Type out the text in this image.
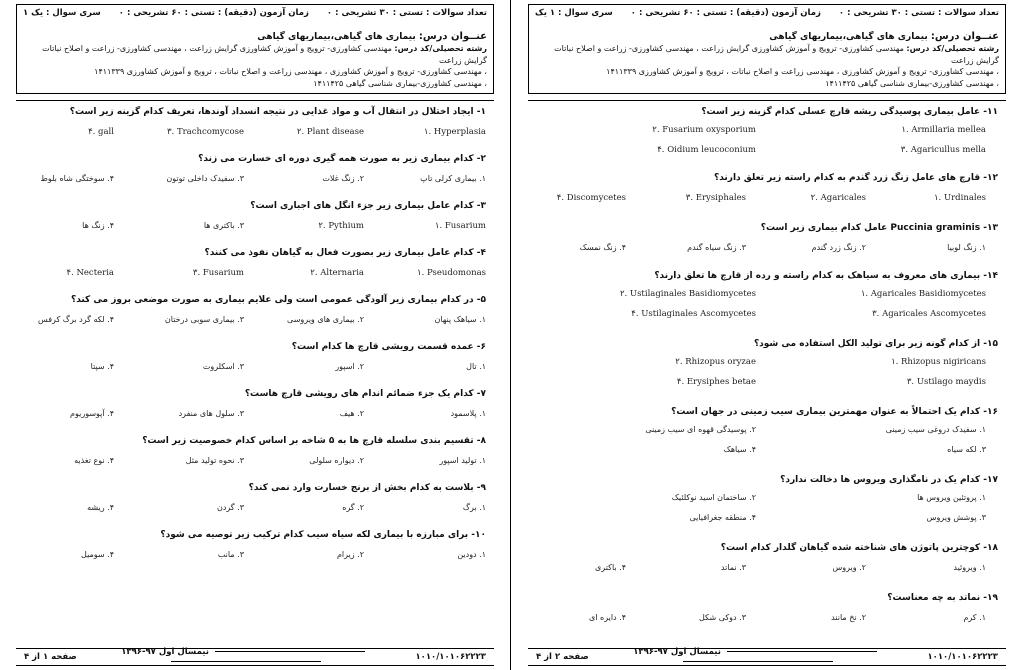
تعداد سوالات : تستی : ۳۰ تشریحی : ۰
زمان آزمون (دقیقه) : تستی : ۶۰ تشریحی : ۰
سری سوال : یک ۱
عنــوان درس: بیماری های گیاهی،بیماریهای گیاهی
رشته تحصیلی/کد درس: مهندسی کشاورزی- ترویج و آموزش کشاورزی گرایش زراعت ، مهندسی کشاورزی- زراعت و اصلاح نباتات گرایش زراعت
، مهندسی کشاورزی- ترویج و آموزش کشاورزی ، مهندسی زراعت و اصلاح نباتات ، ترویج و آموزش کشاورزی ۱۴۱۱۳۳۹
، مهندسی کشاورزی-بیماری شناسی گیاهی ۱۴۱۱۴۲۵
۱- ایجاد اختلال در انتقال آب و مواد غذایی در نتیجه انسداد آوندها، تعریف کدام گزینه زیر است؟
۱. Hyperplasia
۲. Plant disease
۳. Trachcomycose
۴. gall
۲- کدام بیماری زیر به صورت همه گیری دوره ای خسارت می زند؟
۱. بیماری کرلی تاپ
۲. زنگ غلات
۳. سفیدک داخلی توتون
۴. سوختگی شاه بلوط
۳- کدام عامل بیماری زیر جزء انگل های اجباری است؟
۱. Fusarium
۲. Pythium
۳. باکتری ها
۴. زنگ ها
۴- کدام عامل بیماری زیر بصورت فعال به گیاهان نفوذ می کنند؟
۱. Pseudomonas
۲. Alternaria
۳. Fusarium
۴. Necteria
۵- در کدام بیماری زیر آلودگی عمومی است ولی علایم بیماری به صورت موضعی بروز می کند؟
۱. سیاهک پنهان
۲. بیماری های ویروسی
۳. بیماری سوبی درختان
۴. لکه گرد برگ کرفس
۶- عمده قسمت رویشی قارچ ها کدام است؟
۱. تال
۲. اسپور
۳. اسکلروت
۴. سپتا
۷- کدام یک جزء ضمائم اندام های رویشی قارچ هاست؟
۱. پلاسمود
۲. هیف
۳. سلول های منفرد
۴. آپوسوریوم
۸- تقسیم بندی سلسله قارچ ها به ۵ شاخه بر اساس کدام خصوصیت زیر است؟
۱. تولید اسپور
۲. دیواره سلولی
۳. نحوه تولید مثل
۴. نوع تغذیه
۹- بلاست به کدام بخش از برنج خسارت وارد نمی کند؟
۱. برگ
۲. گره
۳. گردن
۴. ریشه
۱۰- برای مبارزه با بیماری لکه سیاه سیب کدام ترکیب زیر توصیه می شود؟
۱. دودین
۲. زیرام
۳. مانب
۴. سومیل
۱۰۱۰/۱۰۱۰۶۲۲۲۳
نیمسال اول ۹۷-۱۳۹۶
صفحه ۱ از ۴
تعداد سوالات : تستی : ۳۰ تشریحی : ۰
زمان آزمون (دقیقه) : تستی : ۶۰ تشریحی : ۰
سری سوال : ۱ یک
عنــوان درس: بیماری های گیاهی،بیماریهای گیاهی
رشته تحصیلی/کد درس: مهندسی کشاورزی- ترویج و آموزش کشاورزی گرایش زراعت ، مهندسی کشاورزی- زراعت و اصلاح نباتات گرایش زراعت
، مهندسی کشاورزی- ترویج و آموزش کشاورزی ، مهندسی زراعت و اصلاح نباتات ، ترویج و آموزش کشاورزی ۱۴۱۱۳۳۹
، مهندسی کشاورزی-بیماری شناسی گیاهی ۱۴۱۱۴۲۵
۱۱- عامل بیماری پوسیدگی ریشه قارچ عسلی کدام گزینه زیر است؟
۱. Armillaria mellea
۲. Fusarium oxysporium
۳. Agaricullus mella
۴. Oidium leucoconium
۱۲- قارچ های عامل زنگ زرد گندم به کدام راسته زیر تعلق دارند؟
۱. Urdinales
۲. Agaricales
۳. Erysiphales
۴. Discomycetes
۱۳- Puccinia graminis عامل کدام بیماری زیر است؟
۱. زنگ لوبیا
۲. زنگ زرد گندم
۳. زنگ سیاه گندم
۴. زنگ نمسک
۱۴- بیماری های معروف به سیاهک به کدام راسته و رده از قارچ ها تعلق دارند؟
۱. Agaricales Basidiomycetes
۲. Ustilaginales Basidiomycetes
۳. Agaricales Ascomycetes
۴. Ustilaginales Ascomycetes
۱۵- از کدام گونه زیر برای تولید الکل استفاده می شود؟
۱. Rhizopus nigiricans
۲. Rhizopus oryzae
۳. Ustilago maydis
۴. Erysiphes betae
۱۶- کدام یک احتمالاً به عنوان مهمترین بیماری سیب زمینی در جهان است؟
۱. سفیدک دروغی سیب زمینی
۲. پوسیدگی قهوه ای سیب زمینی
۳. لکه سیاه
۴. سیاهک
۱۷- کدام یک در نامگذاری ویروس ها دخالت ندارد؟
۱. پروتئین ویروس ها
۲. ساختمان اسید نوکلئیک
۳. پوشش ویروس
۴. منطقه جغرافیایی
۱۸- کوچترین پاتوژن های شناخته شده گیاهان گلدار کدام است؟
۱. ویروئید
۲. ویروس
۳. نماتد
۴. باکتری
۱۹- نماتد به چه معناست؟
۱. کرم
۲. نخ مانند
۳. دوکی شکل
۴. دایره ای
۱۰۱۰/۱۰۱۰۶۲۲۲۳
نیمسال اول ۹۷-۱۳۹۶
صفحه ۲ از ۴
